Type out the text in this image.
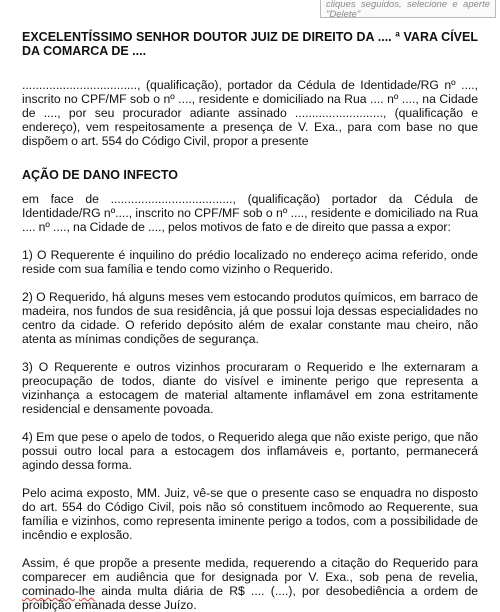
cliques seguidos, selecione e aperte "Delete"

EXCELENTÍSSIMO SENHOR DOUTOR JUIZ DE DIREITO DA .... ª VARA CÍVEL DA COMARCA DE ....

.................................., (qualificação), portador da Cédula de Identidade/RG nº ...., inscrito no CPF/MF sob o nº ...., residente e domiciliado na Rua .... nº ...., na Cidade de ...., por seu procurador adiante assinado .........................., (qualificação e endereço), vem respeitosamente a presença de V. Exa., para com base no que dispõem o art. 554 do Código Civil, propor a presente

AÇÃO DE DANO INFECTO

em face de ...................................., (qualificação) portador da Cédula de Identidade/RG nº...., inscrito no CPF/MF sob o nº ...., residente e domiciliado na Rua .... nº ...., na Cidade de ...., pelos motivos de fato e de direito que passa a expor:

1) O Requerente é inquilino do prédio localizado no endereço acima referido, onde reside com sua família e tendo como vizinho o Requerido.

2) O Requerido, há alguns meses vem estocando produtos químicos, em barraco de madeira, nos fundos de sua residência, já que possui loja dessas especialidades no centro da cidade. O referido depósito além de exalar constante mau cheiro, não atenta as mínimas condições de segurança.

3) O Requerente e outros vizinhos procuraram o Requerido e lhe externaram a preocupação de todos, diante do visível e iminente perigo que representa a vizinhança a estocagem de material altamente inflamável em zona estritamente residencial e densamente povoada.

4) Em que pese o apelo de todos, o Requerido alega que não existe perigo, que não possui outro local para a estocagem dos inflamáveis e, portanto, permanecerá agindo dessa forma.

Pelo acima exposto, MM. Juiz, vê-se que o presente caso se enquadra no disposto do art. 554 do Código Civil, pois não só constituem incômodo ao Requerente, sua família e vizinhos, como representa iminente perigo a todos, com a possibilidade de incêndio e explosão.

Assim, é que propõe a presente medida, requerendo a citação do Requerido para comparecer em audiência que for designada por V. Exa., sob pena de revelia, cominado-lhe ainda multa diária de R$ .... (....), por desobediência a ordem de proibição emanada desse Juízo.
